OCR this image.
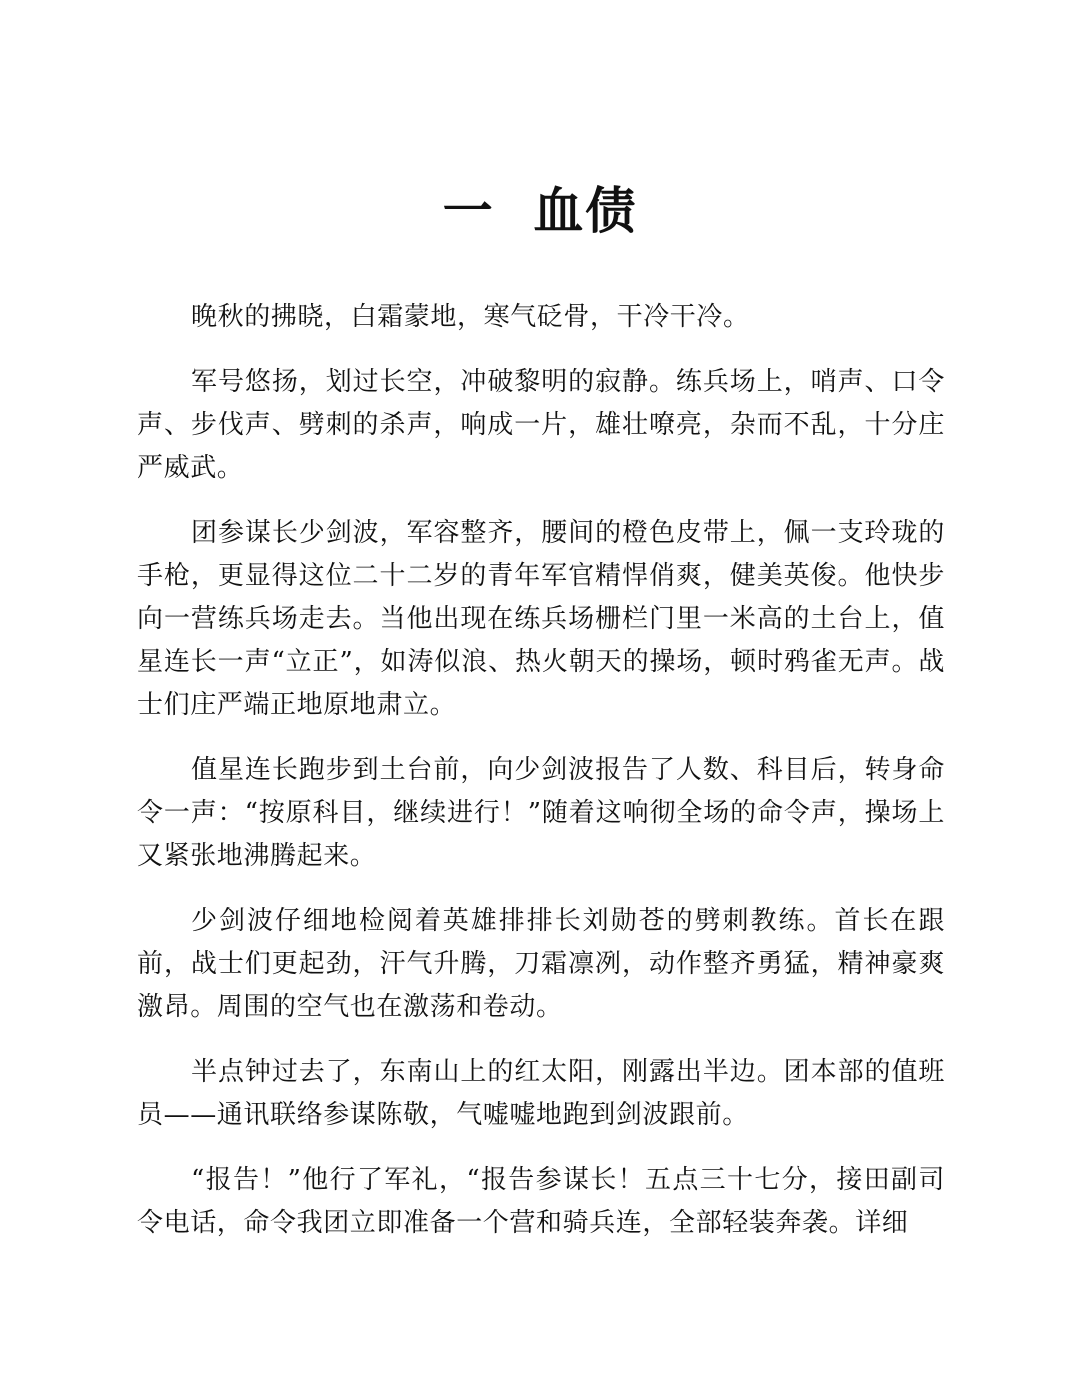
一  血债

晚秋的拂晓，白霜蒙地，寒气砭骨，干冷干冷。

军号悠扬，划过长空，冲破黎明的寂静。练兵场上，哨声、口令声、步伐声、劈刺的杀声，响成一片，雄壮嘹亮，杂而不乱，十分庄严威武。

团参谋长少剑波，军容整齐，腰间的橙色皮带上，佩一支玲珑的手枪，更显得这位二十二岁的青年军官精悍俏爽，健美英俊。他快步向一营练兵场走去。当他出现在练兵场栅栏门里一米高的土台上，值星连长一声“立正”，如涛似浪、热火朝天的操场，顿时鸦雀无声。战士们庄严端正地原地肃立。

值星连长跑步到土台前，向少剑波报告了人数、科目后，转身命令一声：“按原科目，继续进行！”随着这响彻全场的命令声，操场上又紧张地沸腾起来。

少剑波仔细地检阅着英雄排排长刘勋苍的劈刺教练。首长在跟前，战士们更起劲，汗气升腾，刀霜凛冽，动作整齐勇猛，精神豪爽激昂。周围的空气也在激荡和卷动。

半点钟过去了，东南山上的红太阳，刚露出半边。团本部的值班员——通讯联络参谋陈敬，气嘘嘘地跑到剑波跟前。

“报告！”他行了军礼，“报告参谋长！五点三十七分，接田副司令电话，命令我团立即准备一个营和骑兵连，全部轻装奔袭。详细
